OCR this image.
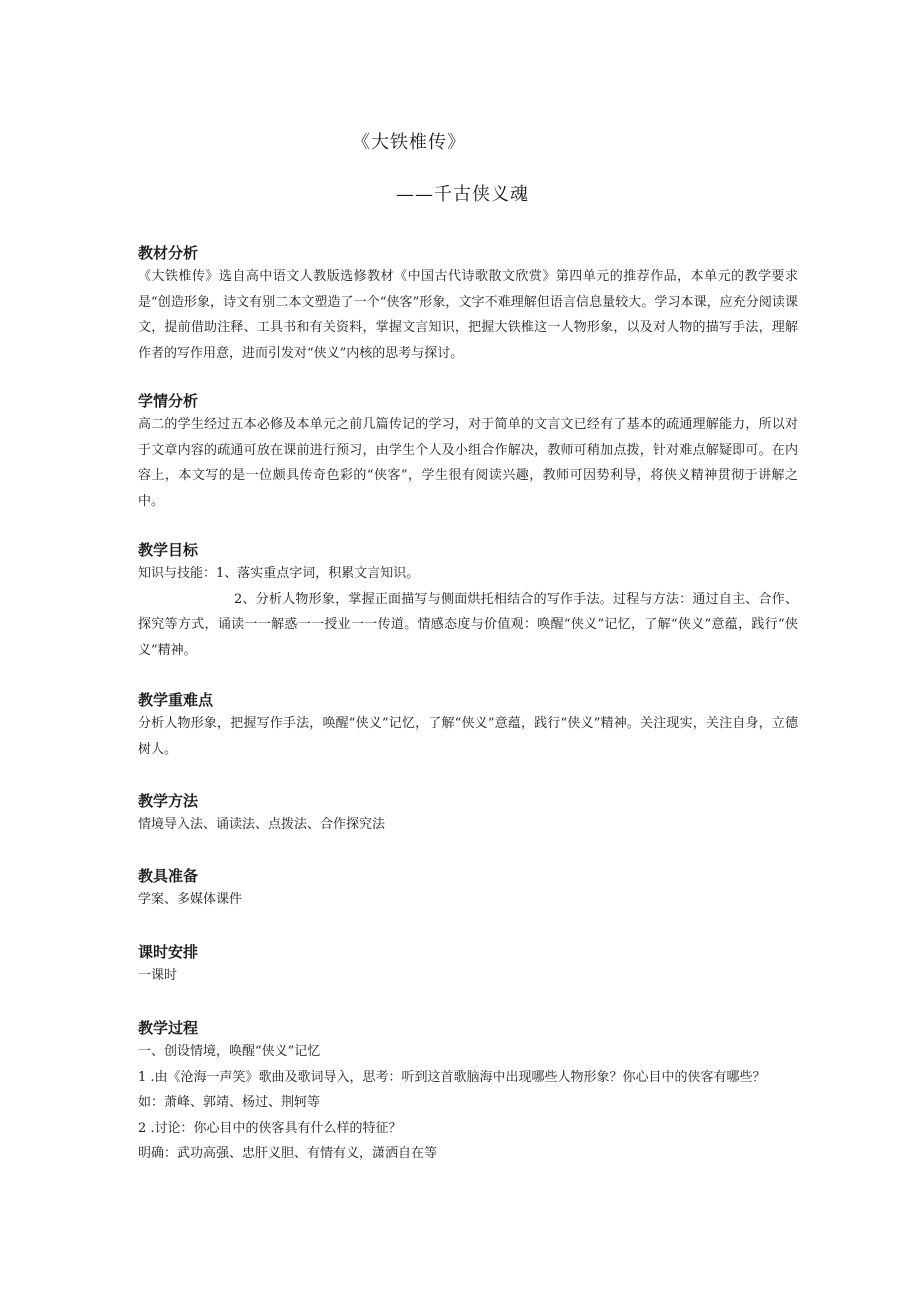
《大铁椎传》
——千古侠义魂
教材分析

《大铁椎传》选自高中语文人教版选修教材《中国古代诗歌散文欣赏》第四单元的推荐作品，本单元的教学要求是“创造形象，诗文有别二本文塑造了一个“侠客”形象，文字不难理解但语言信息量较大。学习本课，应充分阅读课文，提前借助注释、工具书和有关资料，掌握文言知识，把握大铁椎这一人物形象，以及对人物的描写手法，理解作者的写作用意，进而引发对“侠义”内核的思考与探讨。

学情分析

高二的学生经过五本必修及本单元之前几篇传记的学习，对于简单的文言文已经有了基本的疏通理解能力，所以对于文章内容的疏通可放在课前进行预习，由学生个人及小组合作解决，教师可稍加点拨，针对难点解疑即可。在内容上，本文写的是一位颇具传奇色彩的“侠客”，学生很有阅读兴趣，教师可因势利导，将侠义精神贯彻于讲解之中。

教学目标

知识与技能：1、落实重点字词，积累文言知识。

2、分析人物形象，掌握正面描写与侧面烘托相结合的写作手法。过程与方法：通过自主、合作、探究等方式，诵读一一解惑一一授业一一传道。情感态度与价值观：唤醒“侠义”记忆，了解“侠义”意蕴，践行“侠义”精神。

教学重难点

分析人物形象，把握写作手法，唤醒“侠义”记忆，了解“侠义”意蕴，践行“侠义”精神。关注现实，关注自身，立德树人。

教学方法

情境导入法、诵读法、点拨法、合作探究法

教具准备

学案、多媒体课件

课时安排

一课时

教学过程

一、创设情境，唤醒“侠义”记忆

1 .由《沧海一声笑》歌曲及歌词导入，思考：听到这首歌脑海中出现哪些人物形象？你心目中的侠客有哪些？

如：萧峰、郭靖、杨过、荆轲等

2 .讨论：你心目中的侠客具有什么样的特征？

明确：武功高强、忠肝义胆、有情有义，潇洒自在等
